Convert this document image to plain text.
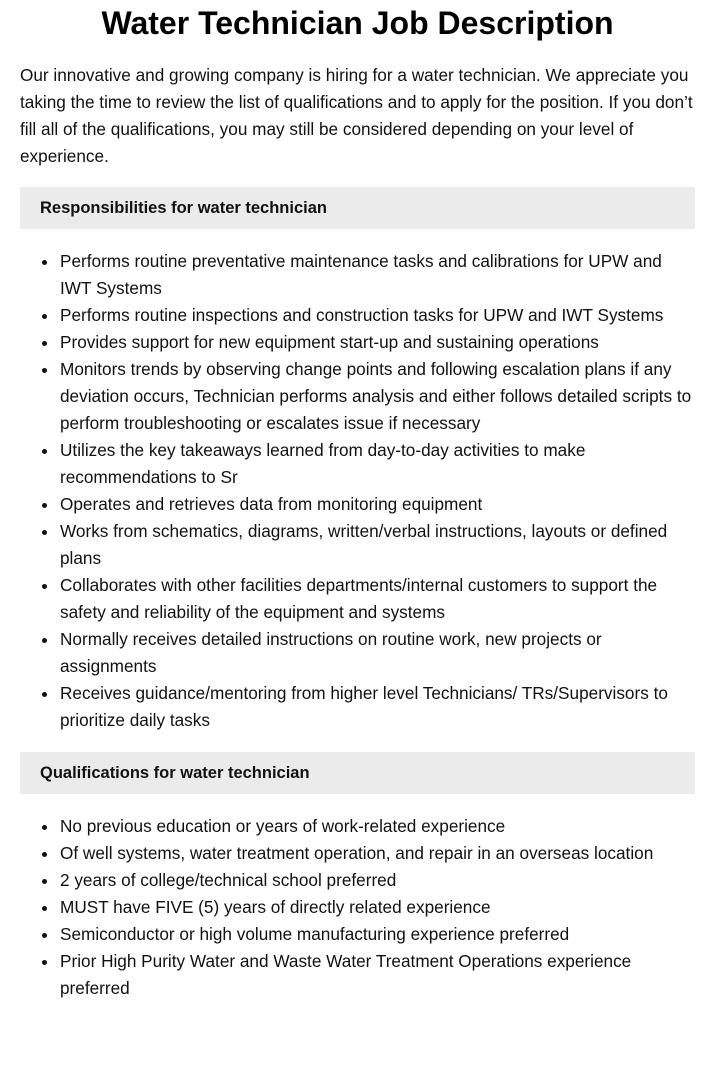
Water Technician Job Description

Our innovative and growing company is hiring for a water technician. We appreciate you taking the time to review the list of qualifications and to apply for the position. If you don’t fill all of the qualifications, you may still be considered depending on your level of experience.

Responsibilities for water technician
Performs routine preventative maintenance tasks and calibrations for UPW and IWT Systems
Performs routine inspections and construction tasks for UPW and IWT Systems
Provides support for new equipment start-up and sustaining operations
Monitors trends by observing change points and following escalation plans if any deviation occurs, Technician performs analysis and either follows detailed scripts to perform troubleshooting or escalates issue if necessary
Utilizes the key takeaways learned from day-to-day activities to make recommendations to Sr
Operates and retrieves data from monitoring equipment
Works from schematics, diagrams, written/verbal instructions, layouts or defined plans
Collaborates with other facilities departments/internal customers to support the safety and reliability of the equipment and systems
Normally receives detailed instructions on routine work, new projects or assignments
Receives guidance/mentoring from higher level Technicians/ TRs/Supervisors to prioritize daily tasks
Qualifications for water technician
No previous education or years of work-related experience
Of well systems, water treatment operation, and repair in an overseas location
2 years of college/technical school preferred
MUST have FIVE (5) years of directly related experience
Semiconductor or high volume manufacturing experience preferred
Prior High Purity Water and Waste Water Treatment Operations experience preferred
